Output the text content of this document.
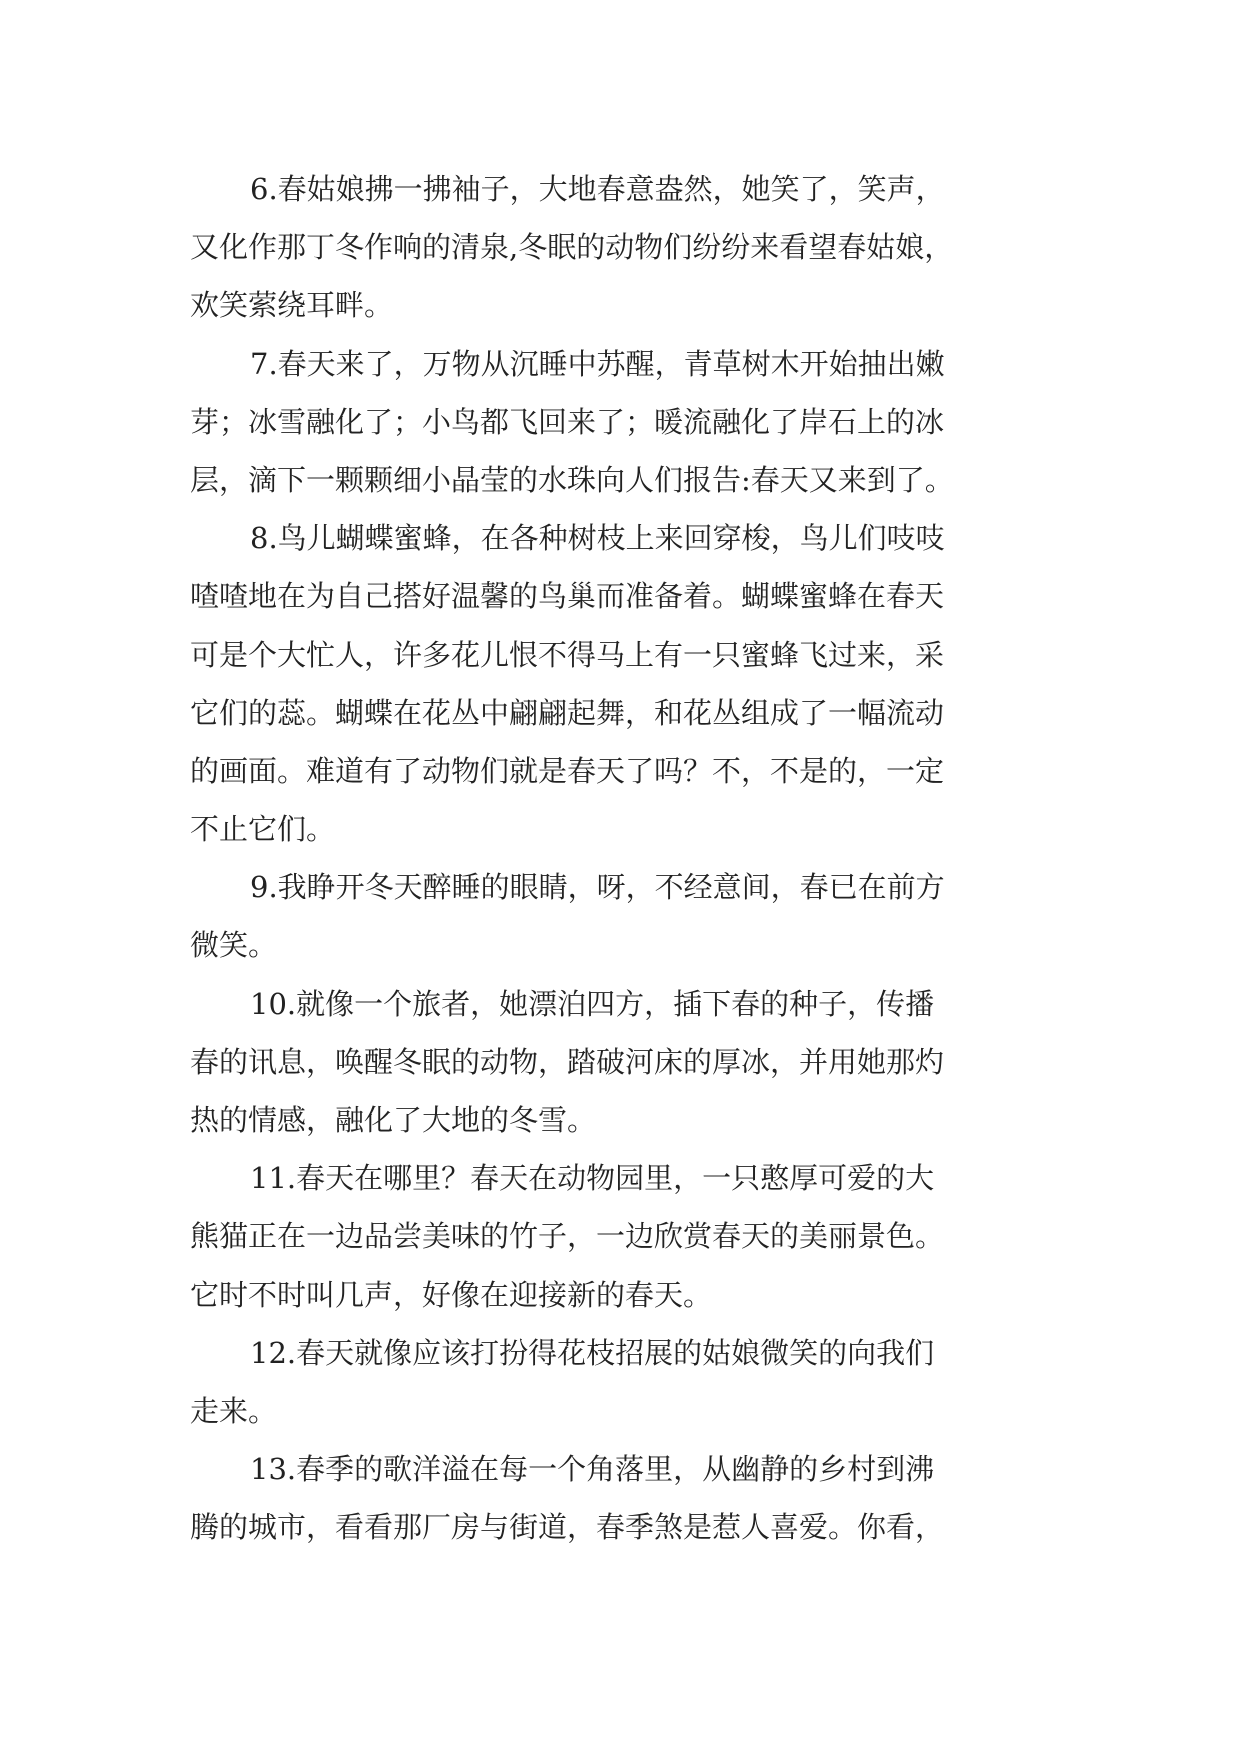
6.春姑娘拂一拂袖子，大地春意盎然，她笑了，笑声，
又化作那丁冬作响的清泉,冬眠的动物们纷纷来看望春姑娘，
欢笑萦绕耳畔。
7.春天来了，万物从沉睡中苏醒，青草树木开始抽出嫩
芽；冰雪融化了；小鸟都飞回来了；暖流融化了岸石上的冰
层，滴下一颗颗细小晶莹的水珠向人们报告:春天又来到了。
8.鸟儿蝴蝶蜜蜂，在各种树枝上来回穿梭，鸟儿们吱吱
喳喳地在为自己搭好温馨的鸟巢而准备着。蝴蝶蜜蜂在春天
可是个大忙人，许多花儿恨不得马上有一只蜜蜂飞过来，采
它们的蕊。蝴蝶在花丛中翩翩起舞，和花丛组成了一幅流动
的画面。难道有了动物们就是春天了吗？不，不是的，一定
不止它们。
9.我睁开冬天醉睡的眼睛，呀，不经意间，春已在前方
微笑。
10.就像一个旅者，她漂泊四方，插下春的种子，传播
春的讯息，唤醒冬眠的动物，踏破河床的厚冰，并用她那灼
热的情感，融化了大地的冬雪。
11.春天在哪里？春天在动物园里，一只憨厚可爱的大
熊猫正在一边品尝美味的竹子，一边欣赏春天的美丽景色。
它时不时叫几声，好像在迎接新的春天。
12.春天就像应该打扮得花枝招展的姑娘微笑的向我们
走来。
13.春季的歌洋溢在每一个角落里，从幽静的乡村到沸
腾的城市，看看那厂房与街道，春季煞是惹人喜爱。你看，
